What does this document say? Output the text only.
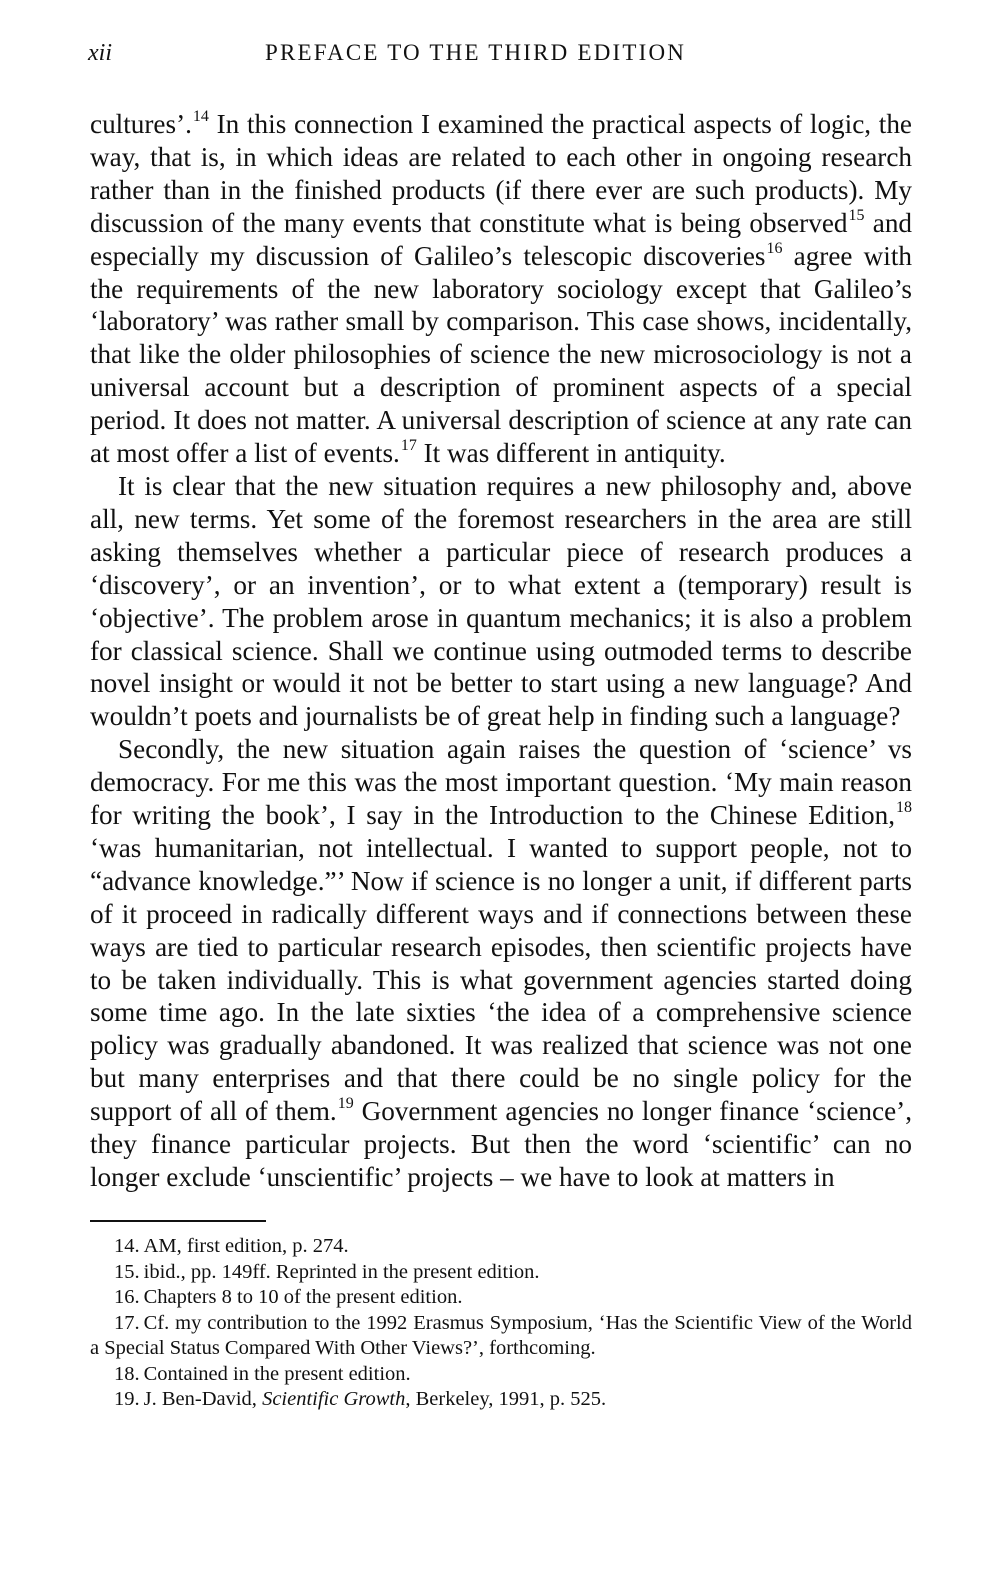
xii	PREFACE TO THE THIRD EDITION

cultures’.$^{14}$ In this connection I examined the practical aspects of logic, the way, that is, in which ideas are related to each other in ongoing research rather than in the finished products (if there ever are such products). My discussion of the many events that constitute what is being observed$^{15}$ and especially my discussion of Galileo’s telescopic discoveries$^{16}$ agree with the requirements of the new laboratory sociology except that Galileo’s ‘laboratory’ was rather small by comparison. This case shows, incidentally, that like the older philosophies of science the new microsociology is not a universal account but a description of prominent aspects of a special period. It does not matter. A universal description of science at any rate can at most offer a list of events.$^{17}$ It was different in antiquity.

It is clear that the new situation requires a new philosophy and, above all, new terms. Yet some of the foremost researchers in the area are still asking themselves whether a particular piece of research produces a ‘discovery’, or an invention’, or to what extent a (temporary) result is ‘objective’. The problem arose in quantum mechanics; it is also a problem for classical science. Shall we continue using outmoded terms to describe novel insight or would it not be better to start using a new language? And wouldn’t poets and journalists be of great help in finding such a language?

Secondly, the new situation again raises the question of ‘science’ vs democracy. For me this was the most important question. ‘My main reason for writing the book’, I say in the Introduction to the Chinese Edition,$^{18}$ ‘was humanitarian, not intellectual. I wanted to support people, not to “advance knowledge.”’ Now if science is no longer a unit, if different parts of it proceed in radically different ways and if connections between these ways are tied to particular research episodes, then scientific projects have to be taken individually. This is what government agencies started doing some time ago. In the late sixties ‘the idea of a comprehensive science policy was gradually abandoned. It was realized that science was not one but many enterprises and that there could be no single policy for the support of all of them.$^{19}$ Government agencies no longer finance ‘science’, they finance particular projects. But then the word ‘scientific’ can no longer exclude ‘unscientific’ projects – we have to look at matters in

14. AM, first edition, p. 274.

15. ibid., pp. 149ff. Reprinted in the present edition.

16. Chapters 8 to 10 of the present edition.

17. Cf. my contribution to the 1992 Erasmus Symposium, ‘Has the Scientific View of the World a Special Status Compared With Other Views?’, forthcoming.

18. Contained in the present edition.

19. J. Ben-David, Scientific Growth, Berkeley, 1991, p. 525.
